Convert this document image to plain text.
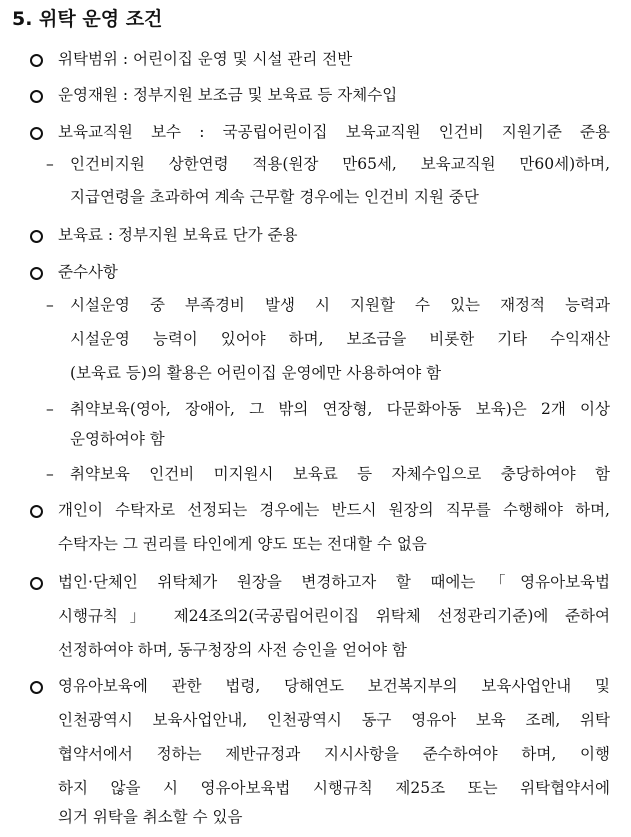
5. 위탁 운영 조건
위탁범위 : 어린이집 운영 및 시설 관리 전반
운영재원 : 정부지원 보조금 및 보육료 등 자체수입
보육교직원 보수 : 국공립어린이집 보육교직원 인건비 지원기준 준용
– 인건비지원 상한연령 적용(원장 만65세, 보육교직원 만60세)하며,
지급연령을 초과하여 계속 근무할 경우에는 인건비 지원 중단
보육료 : 정부지원 보육료 단가 준용
준수사항
– 시설운영 중 부족경비 발생 시 지원할 수 있는 재정적 능력과
시설운영 능력이 있어야 하며, 보조금을 비롯한 기타 수익재산
(보육료 등)의 활용은 어린이집 운영에만 사용하여야 함
– 취약보육(영아, 장애아, 그 밖의 연장형, 다문화아동 보육)은 2개 이상
운영하여야 함
– 취약보육 인건비 미지원시 보육료 등 자체수입으로 충당하여야 함
개인이 수탁자로 선정되는 경우에는 반드시 원장의 직무를 수행해야 하며,
수탁자는 그 권리를 타인에게 양도 또는 전대할 수 없음
법인·단체인 위탁체가 원장을 변경하고자 할 때에는「영유아보육법
시행규칙」 제24조의2(국공립어린이집 위탁체 선정관리기준)에 준하여
선정하여야 하며, 동구청장의 사전 승인을 얻어야 함
영유아보육에 관한 법령, 당해연도 보건복지부의 보육사업안내 및
인천광역시 보육사업안내, 인천광역시 동구 영유아 보육 조례, 위탁
협약서에서 정하는 제반규정과 지시사항을 준수하여야 하며, 이행
하지 않을 시 영유아보육법 시행규칙 제25조 또는 위탁협약서에
의거 위탁을 취소할 수 있음
